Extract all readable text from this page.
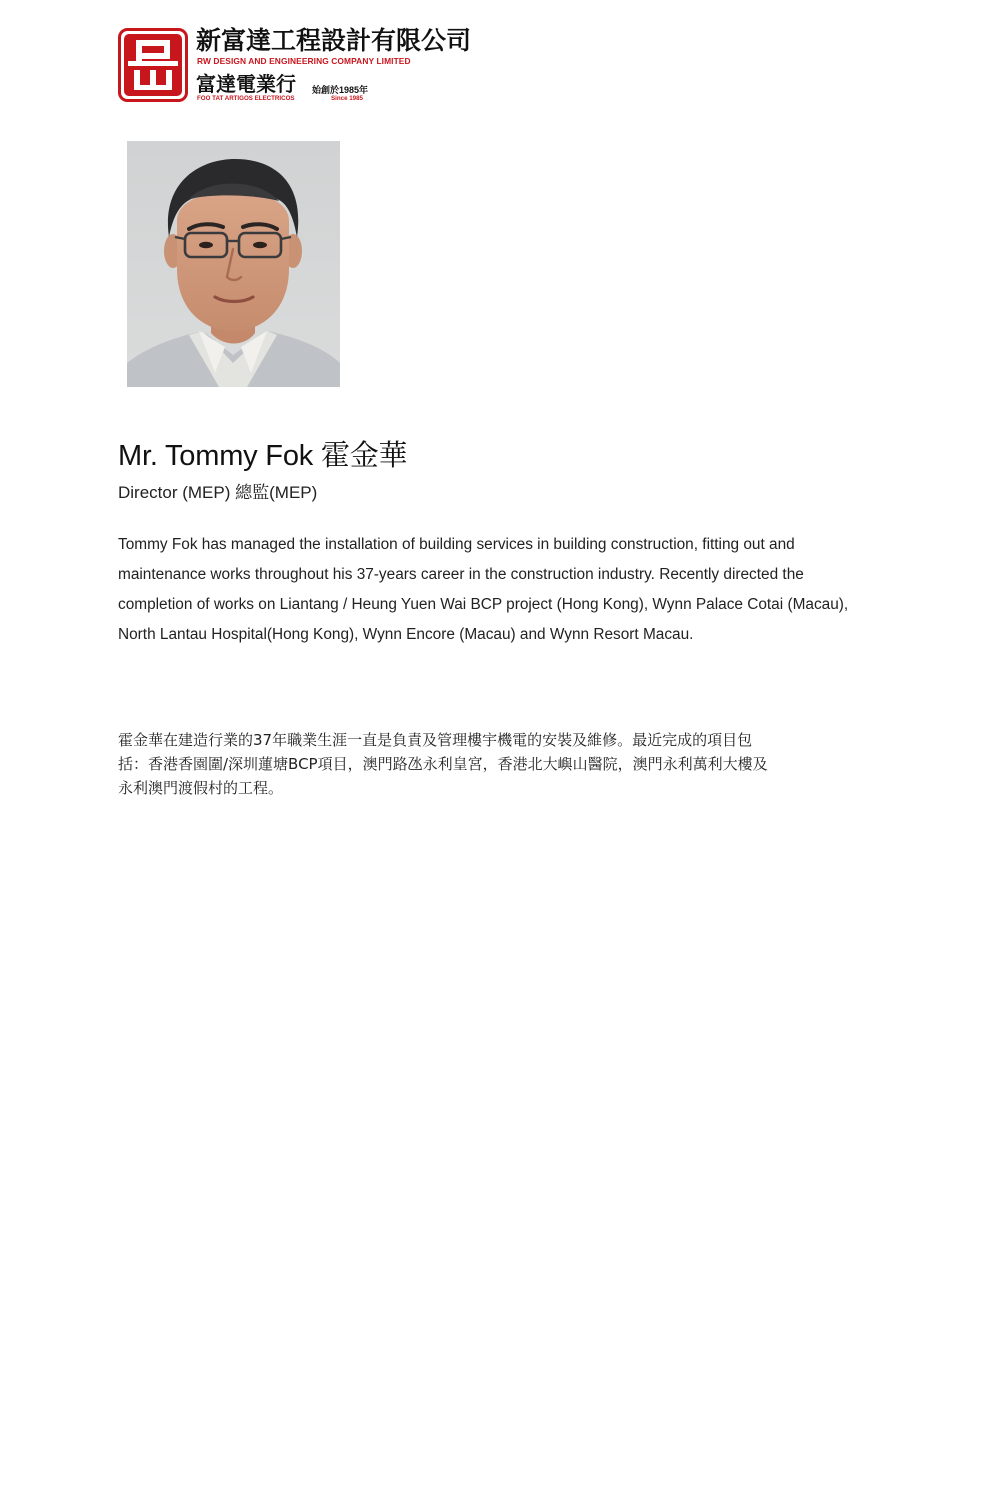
新富達工程設計有限公司
RW DESIGN AND ENGINEERING COMPANY LIMITED
富達電業行 始創於1985年
FOO TAT ARTIGOS ELECTRICOS	Since 1985
Mr. Tommy Fok 霍金華

Director (MEP) 總監(MEP)

Tommy Fok has managed the installation of building services in building construction, fitting out and maintenance works throughout his 37-years career in the construction industry. Recently directed the completion of works on Liantang / Heung Yuen Wai BCP project (Hong Kong), Wynn Palace Cotai (Macau), North Lantau Hospital(Hong Kong), Wynn Encore (Macau) and Wynn Resort Macau.

霍金華在建造行業的37年職業生涯一直是負責及管理樓宇機電的安裝及維修。最近完成的項目包括：香港香園圍/深圳蓮塘BCP項目，澳門路氹永利皇宮，香港北大嶼山醫院，澳門永利萬利大樓及永利澳門渡假村的工程。
